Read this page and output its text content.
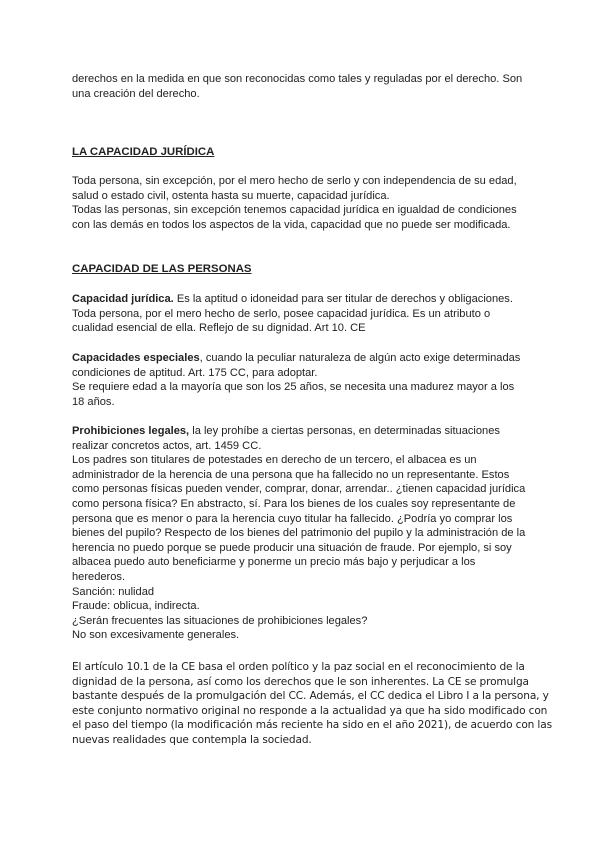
derechos en la medida en que son reconocidas como tales y reguladas por el derecho. Son
una creación del derecho.
LA CAPACIDAD JURÍDICA
Toda persona, sin excepción, por el mero hecho de serlo y con independencia de su edad,
salud o estado civil, ostenta hasta su muerte, capacidad jurídica.
Todas las personas, sin excepción tenemos capacidad jurídica en igualdad de condiciones
con las demás en todos los aspectos de la vida, capacidad que no puede ser modificada.
CAPACIDAD DE LAS PERSONAS
Capacidad jurídica. Es la aptitud o idoneidad para ser titular de derechos y obligaciones.
Toda persona, por el mero hecho de serlo, posee capacidad jurídica. Es un atributo o
cualidad esencial de ella. Reflejo de su dignidad. Art 10. CE
Capacidades especiales, cuando la peculiar naturaleza de algún acto exige determinadas
condiciones de aptitud. Art. 175 CC, para adoptar.
Se requiere edad a la mayoría que son los 25 años, se necesita una madurez mayor a los
18 años.
Prohibiciones legales, la ley prohíbe a ciertas personas, en determinadas situaciones
realizar concretos actos, art. 1459 CC.
Los padres son titulares de potestades en derecho de un tercero, el albacea es un
administrador de la herencia de una persona que ha fallecido no un representante. Estos
como personas físicas pueden vender, comprar, donar, arrendar.. ¿tienen capacidad jurídica
como persona física? En abstracto, sí. Para los bienes de los cuales soy representante de
persona que es menor o para la herencia cuyo titular ha fallecido. ¿Podría yo comprar los
bienes del pupilo? Respecto de los bienes del patrimonio del pupilo y la administración de la
herencia no puedo porque se puede producir una situación de fraude. Por ejemplo, si soy
albacea puedo auto beneficiarme y ponerme un precio más bajo y perjudicar a los
herederos.
Sanción: nulidad
Fraude: oblicua, indirecta.
¿Serán frecuentes las situaciones de prohibiciones legales?
No son excesivamente generales.
El artículo 10.1 de la CE basa el orden político y la paz social en el reconocimiento de la
dignidad de la persona, así como los derechos que le son inherentes. La CE se promulga
bastante después de la promulgación del CC. Además, el CC dedica el Libro I a la persona, y
este conjunto normativo original no responde a la actualidad ya que ha sido modificado con
el paso del tiempo (la modificación más reciente ha sido en el año 2021), de acuerdo con las
nuevas realidades que contempla la sociedad.
